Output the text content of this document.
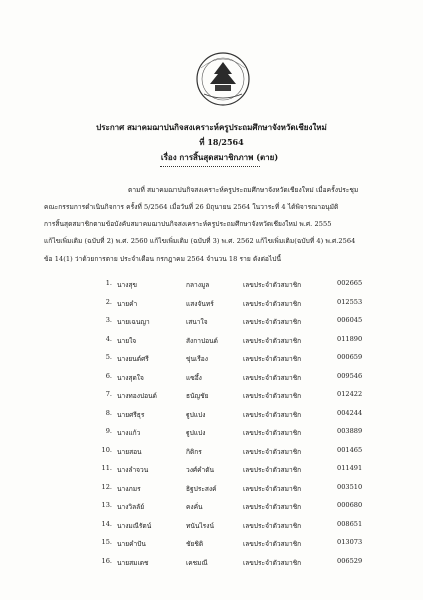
ประกาศ สมาคมฌาปนกิจสงเคราะห์ครูประถมศึกษาจังหวัดเชียงใหม่
ที่ 18/2564
เรื่อง การสิ้นสุดสมาชิกภาพ (ตาย)
ตามที่ สมาคมฌาปนกิจสงเคราะห์ครูประถมศึกษาจังหวัดเชียงใหม่ เมื่อครั้งประชุม
คณะกรรมการดำเนินกิจการ ครั้งที่ 5/2564 เมื่อวันที่ 26 มิถุนายน 2564 ในวาระที่ 4 ได้พิจารณาอนุมัติ
การสิ้นสุดสมาชิกตามข้อบังคับสมาคมฌาปนกิจสงเคราะห์ครูประถมศึกษาจังหวัดเชียงใหม่ พ.ศ. 2555
แก้ไขเพิ่มเติม (ฉบับที่ 2) พ.ศ. 2560 แก้ไขเพิ่มเติม (ฉบับที่ 3) พ.ศ. 2562 แก้ไขเพิ่มเติม(ฉบับที่ 4) พ.ศ.2564
ข้อ 14(1) ว่าด้วยการตาย ประจำเดือน กรกฎาคม 2564 จำนวน 18 ราย ดังต่อไปนี้
1. นางสุข	กลางมูล	เลขประจำตัวสมาชิก	002665
2. นายคำ	แสงจันทร์	เลขประจำตัวสมาชิก	012553
3. นายเฉนญา	เสนาใจ	เลขประจำตัวสมาชิก	006045
4. นายใจ	สังกาปอนด์	เลขประจำตัวสมาชิก	011890
5. นางยนต์ศรี	ขุ่นเรือง	เลขประจำตัวสมาชิก	000659
6. นางสุดใจ	แซอึ้ง	เลขประจำตัวสมาชิก	009546
7. นางทองปอนด์	ธนัญชัย	เลขประจำตัวสมาชิก	012422
8. นายศรีธุร	ฐูปแปง	เลขประจำตัวสมาชิก	004244
9. นางแก้ว	ฐูปแปง	เลขประจำตัวสมาชิก	003889
10. นายสอน	กิติกร	เลขประจำตัวสมาชิก	001465
11. นางลำจวน	วงศ์คำตัน	เลขประจำตัวสมาชิก	011491
12. นางภมร	ธิฐประสงค์	เลขประจำตัวสมาชิก	003510
13. นางวิลลัย์	คงคั่น	เลขประจำตัวสมาชิก	000680
14. นางมณีรัตน์	ทนันไรงน์	เลขประจำตัวสมาชิก	008651
15. นายคำปัน	ชัยชิติ	เลขประจำตัวสมาชิก	013073
16. นายสมเดช	เคชมณี	เลขประจำตัวสมาชิก	006529
